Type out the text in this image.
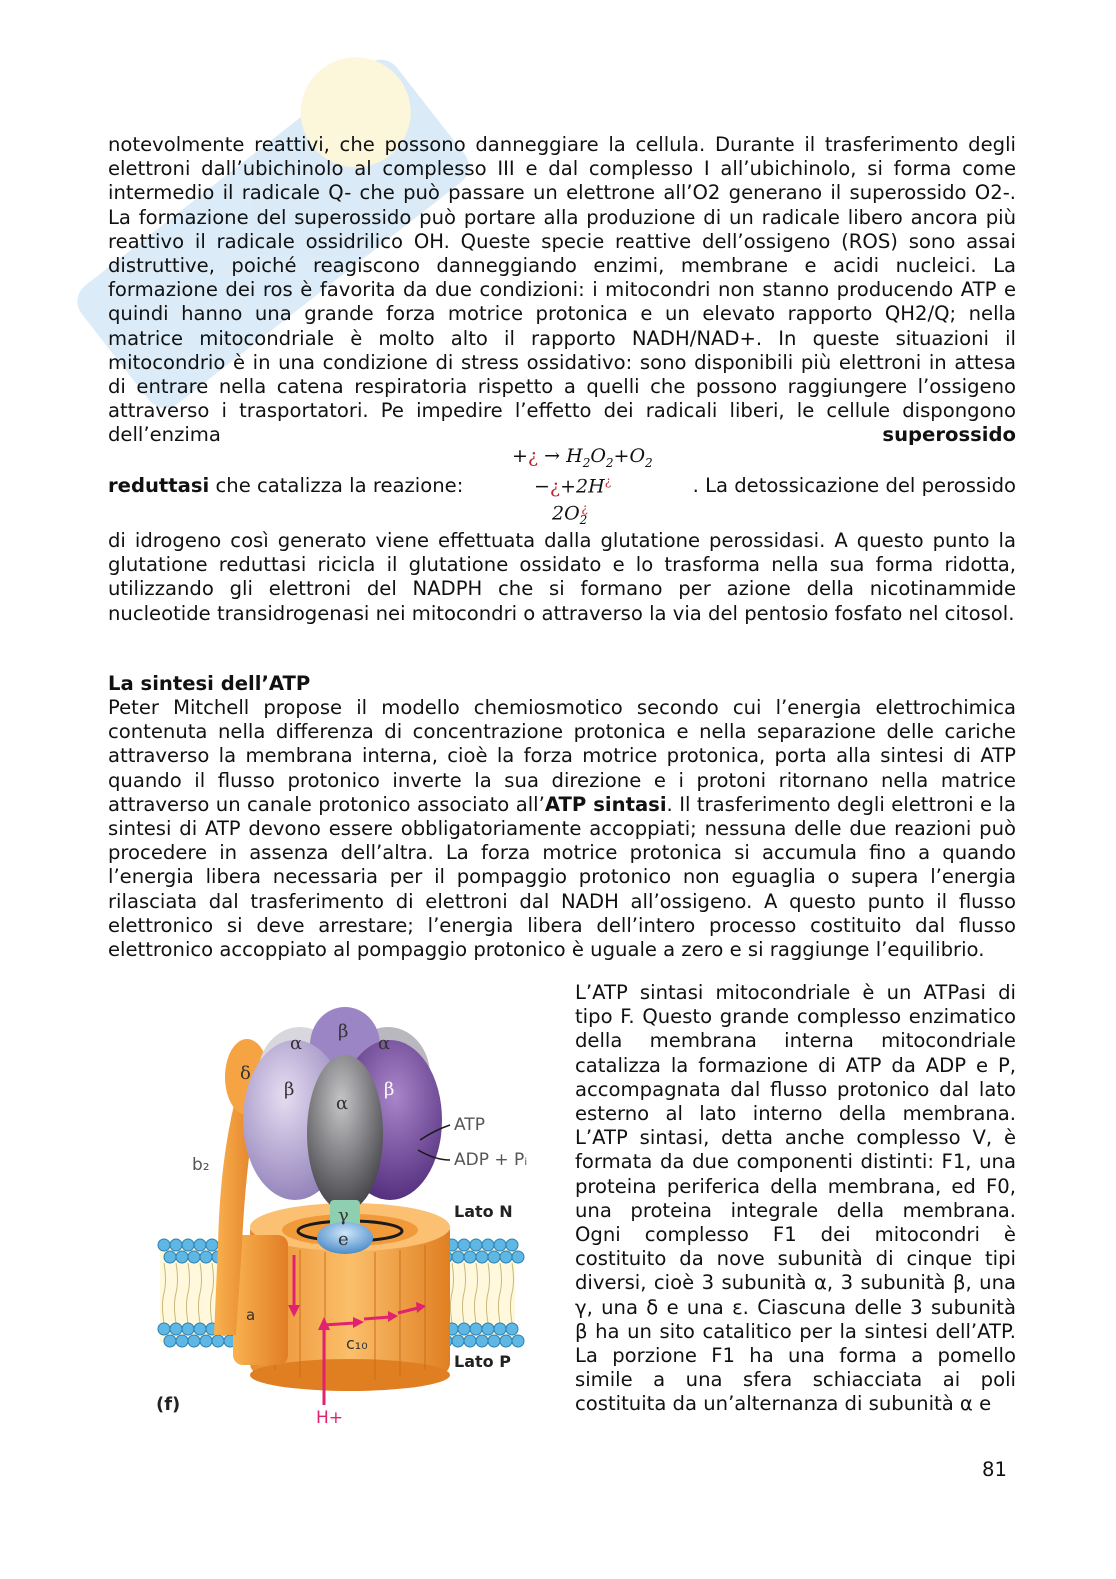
notevolmente reattivi, che possono danneggiare la cellula. Durante il trasferimento degli elettroni dall’ubichinolo al complesso III e dal complesso I all’ubichinolo, si forma come intermedio il radicale Q- che può passare un elettrone all’O2 generano il superossido O2-. La formazione del superossido può portare alla produzione di un radicale libero ancora più reattivo il radicale ossidrilico OH. Queste specie reattive dell’ossigeno (ROS) sono assai distruttive, poiché reagiscono danneggiando enzimi, membrane e acidi nucleici. La formazione dei ros è favorita da due condizioni: i mitocondri non stanno producendo ATP e quindi hanno una grande forza motrice protonica e un elevato rapporto QH2/Q; nella matrice mitocondriale è molto alto il rapporto NADH/NAD+. In queste situazioni il mitocondrio è in una condizione di stress ossidativo: sono disponibili più elettroni in attesa di entrare nella catena respiratoria rispetto a quelli che possono raggiungere l’ossigeno attraverso i trasportatori. Pe impedire l’effetto dei radicali liberi, le cellule dispongono dell’enzima	superossido

reduttasi che catalizza la reazione:
+¿ → $H_2O_2+O_2$
−¿+2H¿
$2O_2^¿$
. La detossicazione del perossido

di idrogeno così generato viene effettuata dalla glutatione perossidasi. A questo punto la glutatione reduttasi ricicla il glutatione ossidato e lo trasforma nella sua forma ridotta, utilizzando gli elettroni del NADPH che si formano per azione della nicotinammide nucleotide transidrogenasi nei mitocondri o attraverso la via del pentosio fosfato nel citosol.

La sintesi dell’ATP

Peter Mitchell propose il modello chemiosmotico secondo cui l’energia elettrochimica contenuta nella differenza di concentrazione protonica e nella separazione delle cariche attraverso la membrana interna, cioè la forza motrice protonica, porta alla sintesi di ATP quando il flusso protonico inverte la sua direzione e i protoni ritornano nella matrice attraverso un canale protonico associato all’ATP sintasi. Il trasferimento degli elettroni e la sintesi di ATP devono essere obbligatoriamente accoppiati; nessuna delle due reazioni può procedere in assenza dell’altra. La forza motrice protonica si accumula fino a quando l’energia libera necessaria per il pompaggio protonico non eguaglia o supera l’energia rilasciata dal trasferimento di elettroni dal NADH all’ossigeno. A questo punto il flusso elettronico si deve arrestare; l’energia libera dell’intero processo costituito dal flusso elettronico accoppiato al pompaggio protonico è uguale a zero e si raggiunge l’equilibrio.

β
α	α
β	β
α
δ
γ
e
a
c₁₀
b₂
ATP
ADP + Pᵢ
Lato N
Lato P
(f)
H+

L’ATP sintasi mitocondriale è un ATPasi di tipo F. Questo grande complesso enzimatico della membrana interna mitocondriale catalizza la formazione di ATP da ADP e P, accompagnata dal flusso protonico dal lato esterno al lato interno della membrana. L’ATP sintasi, detta anche complesso V, è formata da due componenti distinti: F1, una proteina periferica della membrana, ed F0, una proteina integrale della membrana. Ogni complesso F1 dei mitocondri è costituito da nove subunità di cinque tipi diversi, cioè 3 subunità α, 3 subunità β, una γ, una δ e una ε. Ciascuna delle 3 subunità β ha un sito catalitico per la sintesi dell’ATP. La porzione F1 ha una forma a pomello simile a una sfera schiacciata ai poli costituita da un’alternanza di subunità α e

81
